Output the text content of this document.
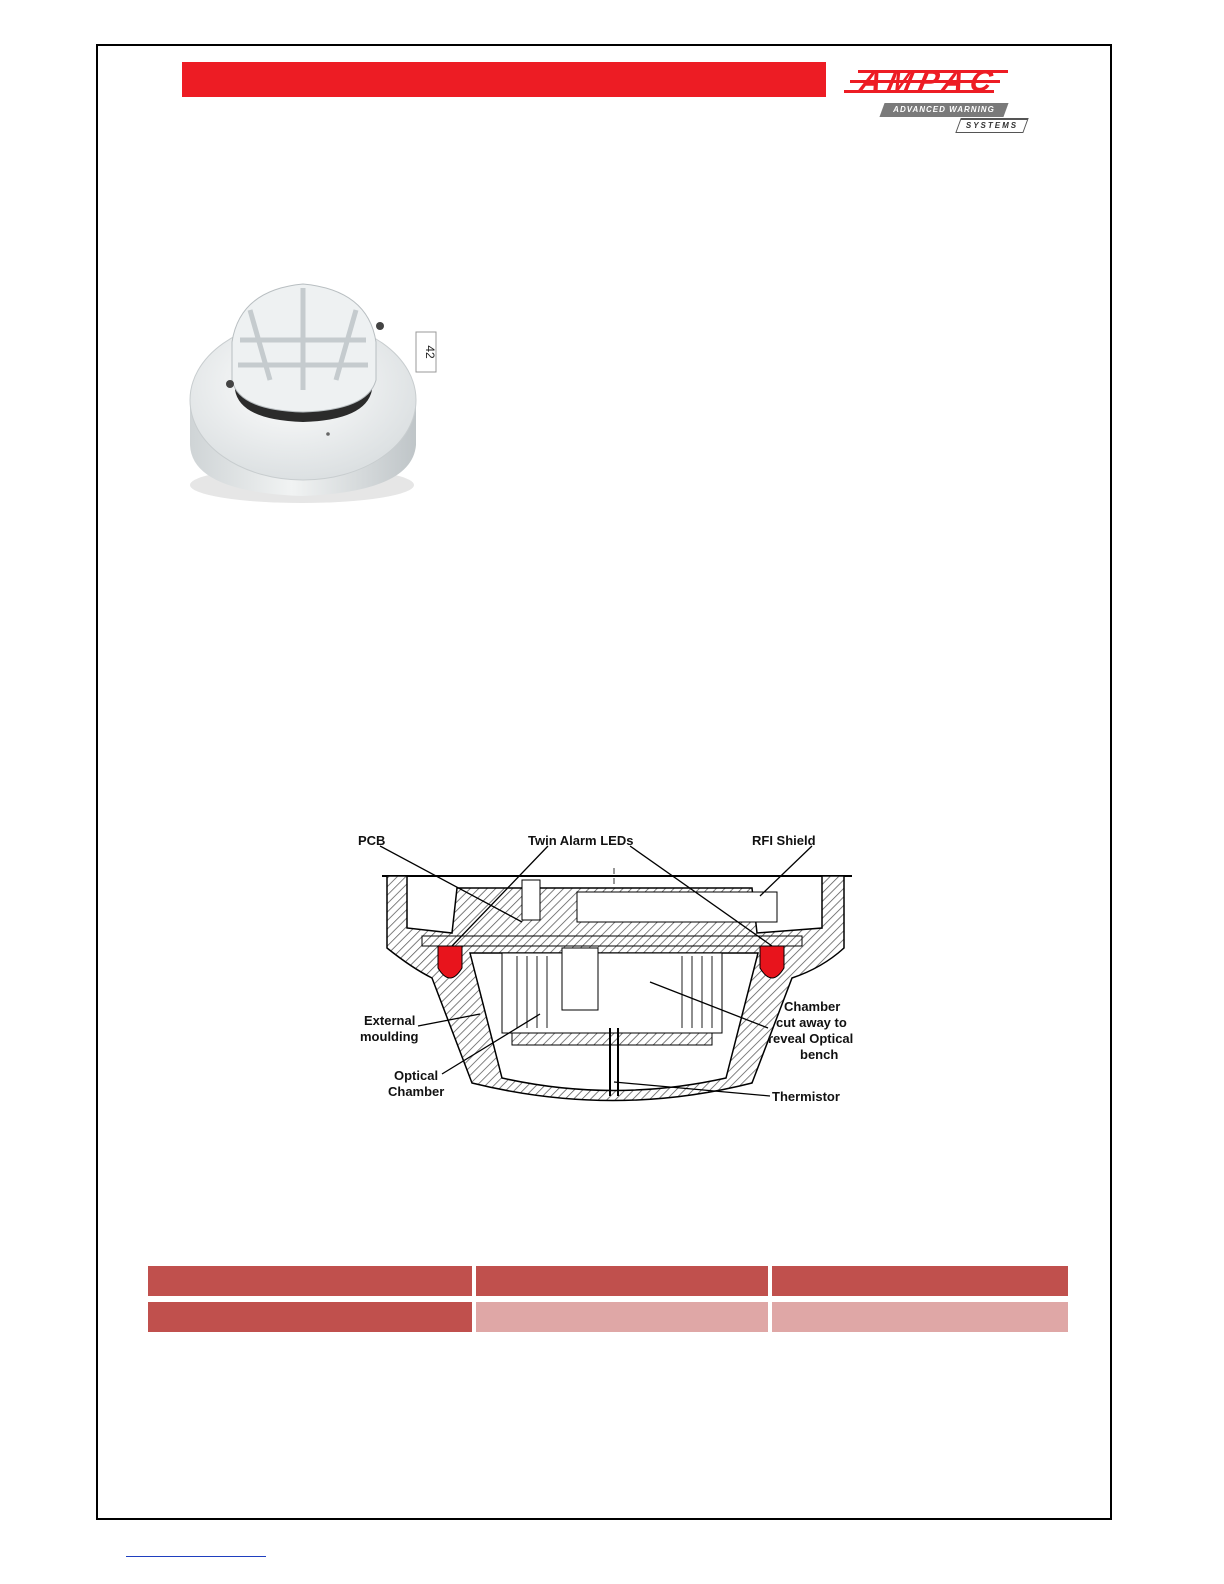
AMPAC
ADVANCED WARNING
SYSTEMS
42
PCB	Twin Alarm LEDs	RFI Shield
External
moulding
Chamber
cut away to
reveal Optical
bench
Optical
Chamber	Thermistor
